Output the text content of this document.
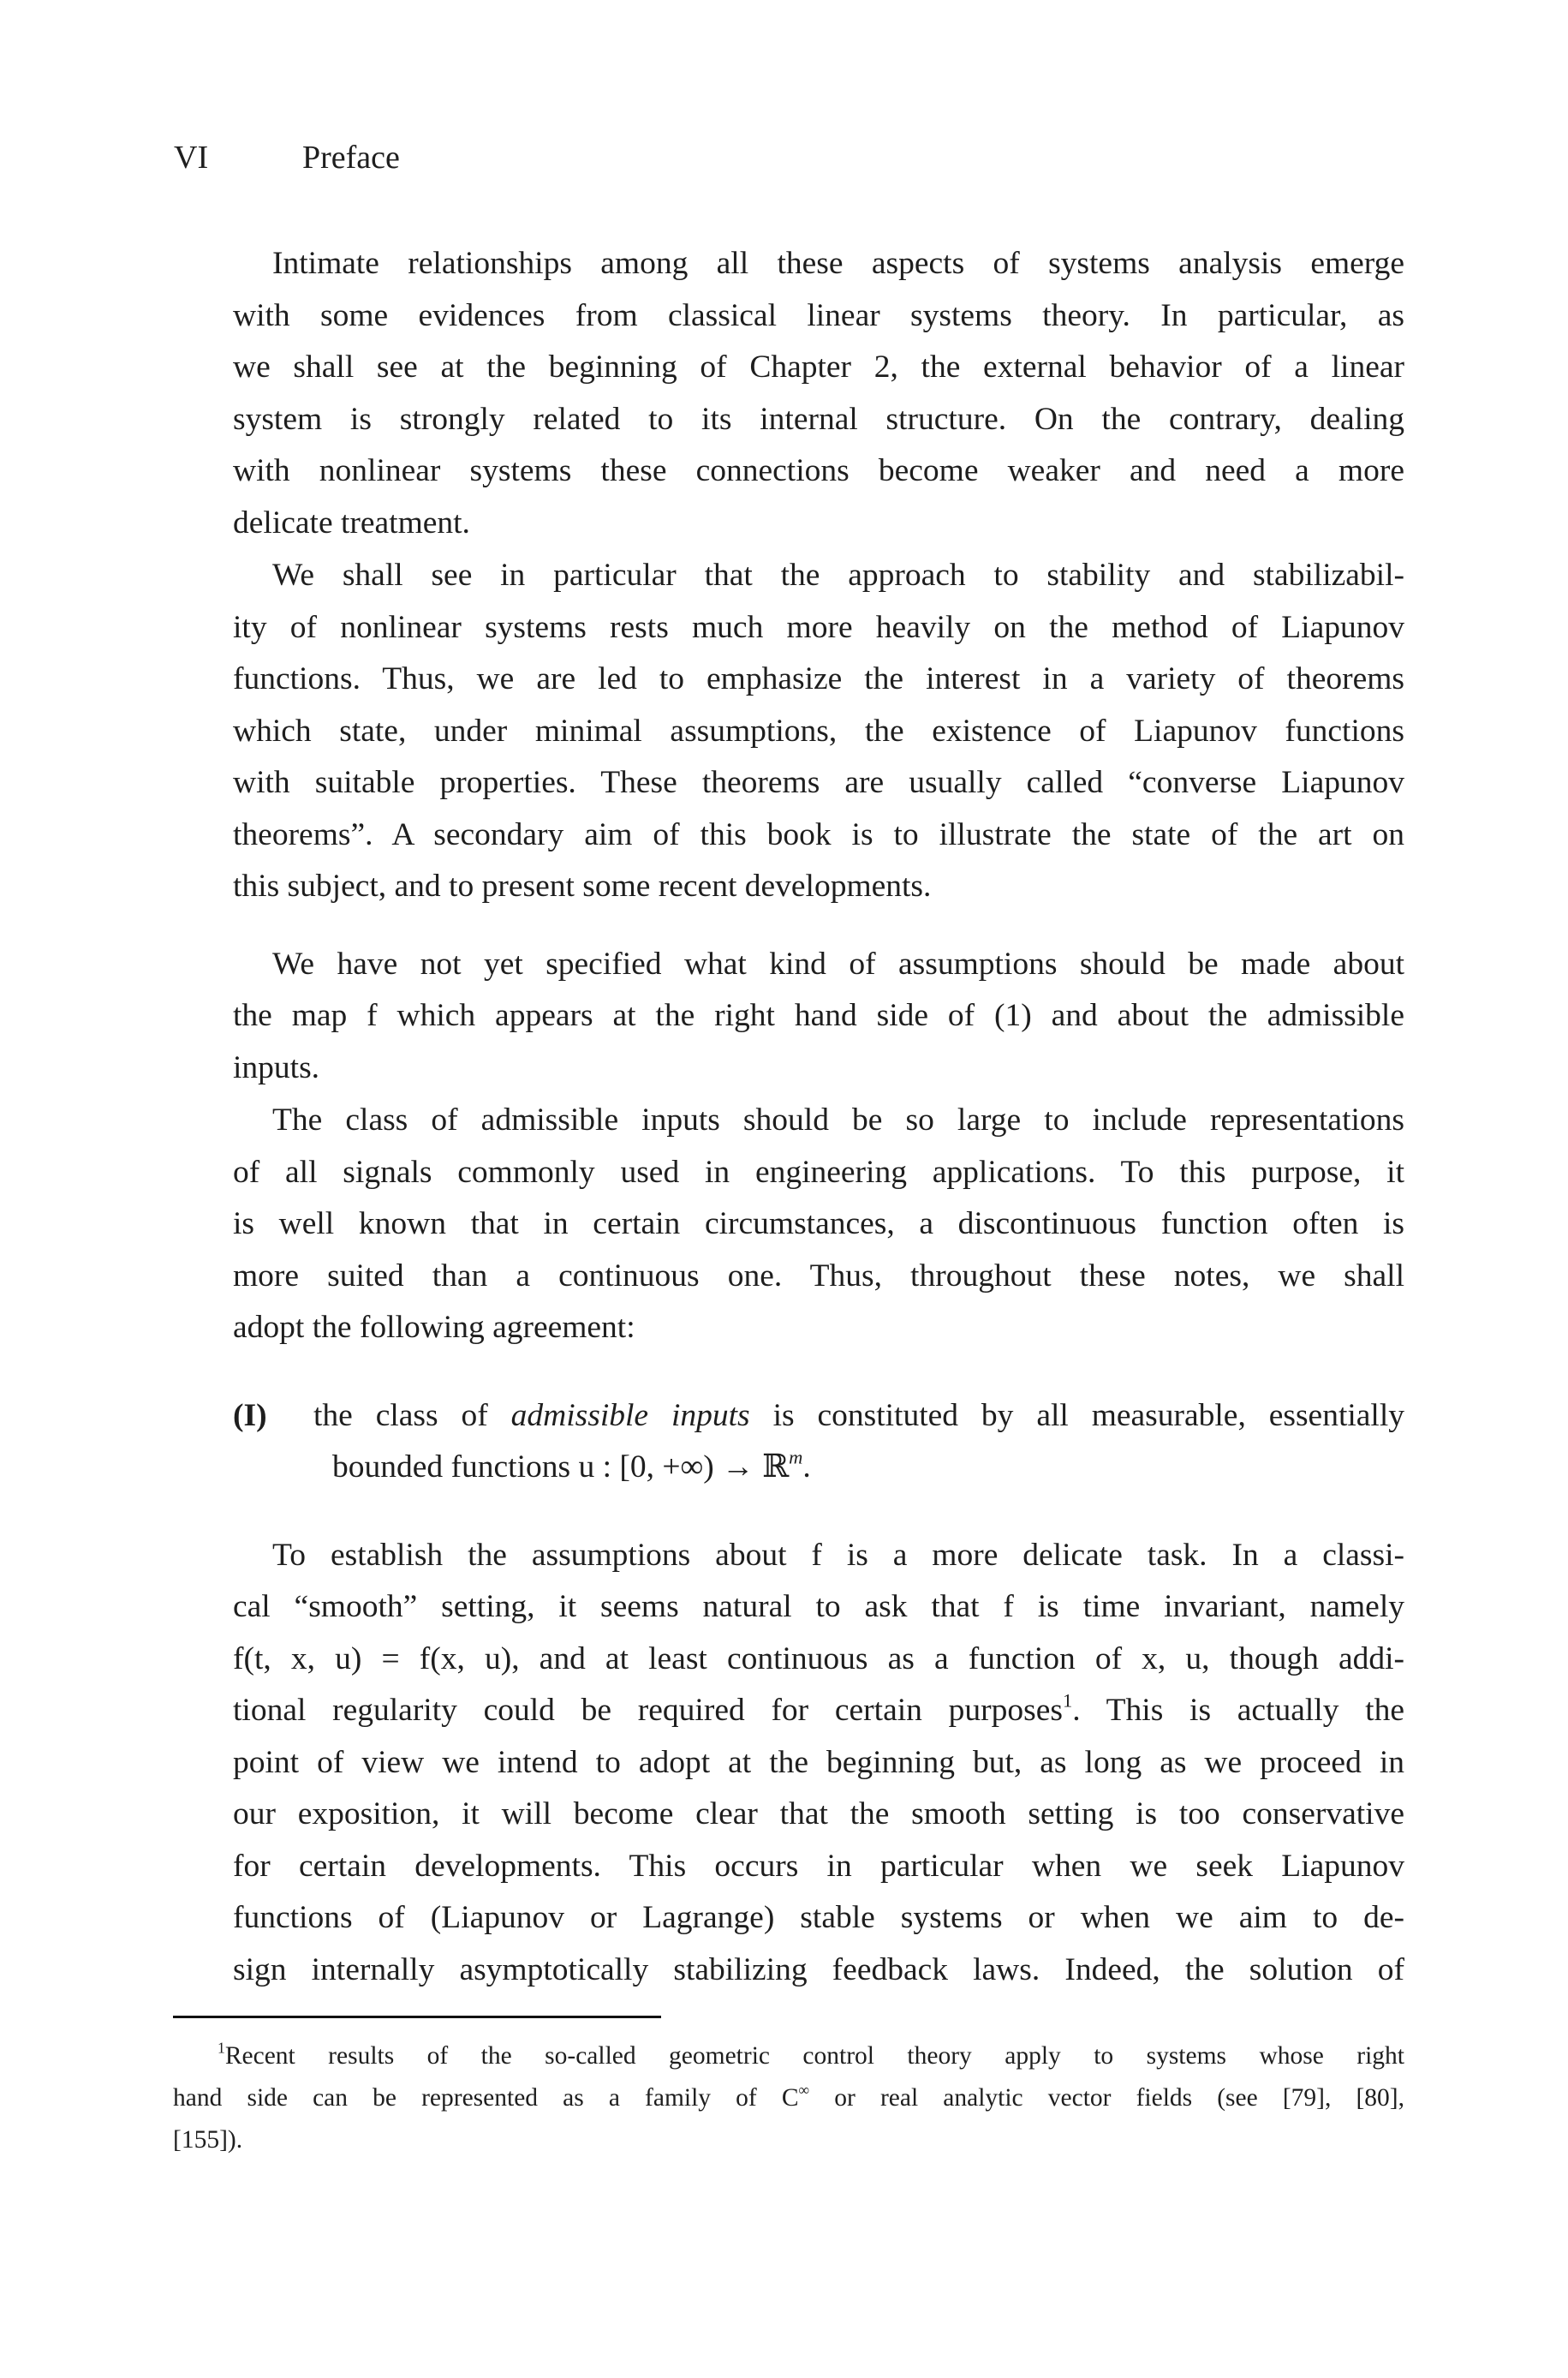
VI	Preface
Intimate relationships among all these aspects of systems analysis emerge
with some evidences from classical linear systems theory. In particular, as
we shall see at the beginning of Chapter 2, the external behavior of a linear
system is strongly related to its internal structure. On the contrary, dealing
with nonlinear systems these connections become weaker and need a more
delicate treatment.
We shall see in particular that the approach to stability and stabilizabil-
ity of nonlinear systems rests much more heavily on the method of Liapunov
functions. Thus, we are led to emphasize the interest in a variety of theorems
which state, under minimal assumptions, the existence of Liapunov functions
with suitable properties. These theorems are usually called “converse Liapunov
theorems”. A secondary aim of this book is to illustrate the state of the art on
this subject, and to present some recent developments.
We have not yet specified what kind of assumptions should be made about
the map f which appears at the right hand side of (1) and about the admissible
inputs.
The class of admissible inputs should be so large to include representations
of all signals commonly used in engineering applications. To this purpose, it
is well known that in certain circumstances, a discontinuous function often is
more suited than a continuous one. Thus, throughout these notes, we shall
adopt the following agreement:
(I) the class of admissible inputs is constituted by all measurable, essentially
bounded functions u : [0, +∞) → ℝ$^m$.
To establish the assumptions about f is a more delicate task. In a classi-
cal “smooth” setting, it seems natural to ask that f is time invariant, namely
f(t, x, u) = f(x, u), and at least continuous as a function of x, u, though addi-
tional regularity could be required for certain purposes$^1$. This is actually the
point of view we intend to adopt at the beginning but, as long as we proceed in
our exposition, it will become clear that the smooth setting is too conservative
for certain developments. This occurs in particular when we seek Liapunov
functions of (Liapunov or Lagrange) stable systems or when we aim to de-
sign internally asymptotically stabilizing feedback laws. Indeed, the solution of
$^1$Recent results of the so-called geometric control theory apply to systems whose right
hand side can be represented as a family of C∞ or real analytic vector fields (see [79], [80],
[155]).
